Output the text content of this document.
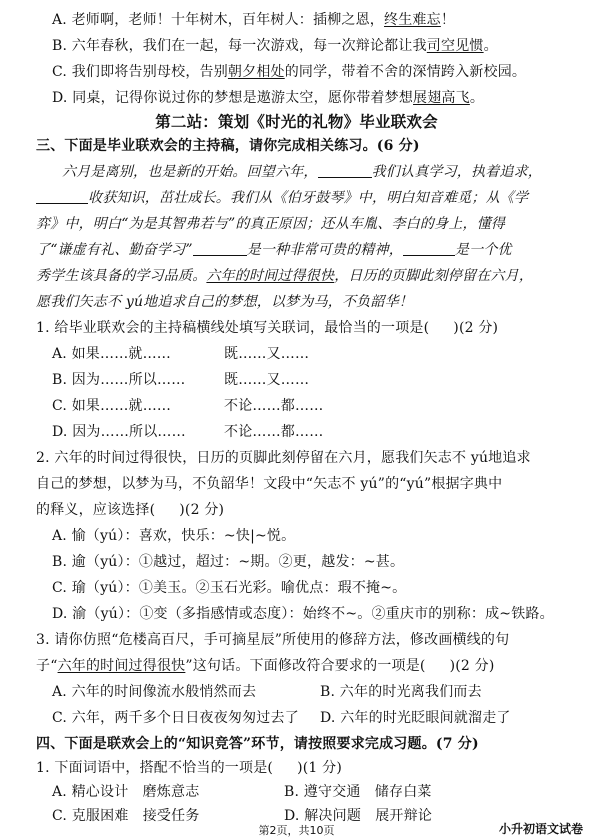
A. 老师啊，老师！十年树木，百年树人：插柳之恩，终生难忘！
B. 六年春秋，我们在一起，每一次游戏，每一次辩论都让我司空见惯。
C. 我们即将告别母校，告别朝夕相处的同学，带着不舍的深情跨入新校园。
D. 同桌，记得你说过你的梦想是遨游太空，愿你带着梦想展翅高飞。
第二站：策划《时光的礼物》毕业联欢会
三、下面是毕业联欢会的主持稿，请你完成相关练习。(6 分)
六月是离别，也是新的开始。回望六年，	我们认真学习，执着追求，
收获知识，茁壮成长。我们从《伯牙鼓琴》中，明白知音难觅；从《学
弈》中，明白“为是其智弗若与”的真正原因；还从车胤、李白的身上，懂得
了“谦虚有礼、勤奋学习”	是一种非常可贵的精神，	是一个优
秀学生该具备的学习品质。六年的时间过得很快，日历的页脚此刻停留在六月，
愿我们矢志不 yú地追求自己的梦想，以梦为马，不负韶华！
1. 给毕业联欢会的主持稿横线处填写关联词，最恰当的一项是( )(2 分)
A. 如果……就……	既……又……
B. 因为……所以……	既……又……
C. 如果……就……	不论……都……
D. 因为……所以……	不论……都……
2. 六年的时间过得很快，日历的页脚此刻停留在六月，愿我们矢志不 yú地追求
自己的梦想，以梦为马，不负韶华！文段中“矢志不 yú”的“yú”根据字典中
的释义，应该选择( )(2 分)
A. 愉（yú）：喜欢，快乐：~快|~悦。
B. 逾（yú）：①越过，超过：~期。②更，越发：~甚。
C. 瑜（yú）：①美玉。②玉石光彩。喻优点：瑕不掩~。
D. 渝（yú）：①变（多指感情或态度）：始终不~。②重庆市的别称：成~铁路。
3. 请你仿照“危楼高百尺，手可摘星辰”所使用的修辞方法，修改画横线的句
子“六年的时间过得很快”这句话。下面修改符合要求的一项是( )(2 分)
A. 六年的时间像流水般悄然而去	B. 六年的时光离我们而去
C. 六年，两千多个日日夜夜匆匆过去了 D. 六年的时光眨眼间就溜走了
四、下面是联欢会上的“知识竞答”环节，请按照要求完成习题。(7 分)
1. 下面词语中，搭配不恰当的一项是( )(1 分)
A. 精心设计　磨炼意志	B. 遵守交通　储存白菜
C. 克服困难　接受任务	D. 解决问题　展开辩论
第2页，共10页	小升初语文试卷
